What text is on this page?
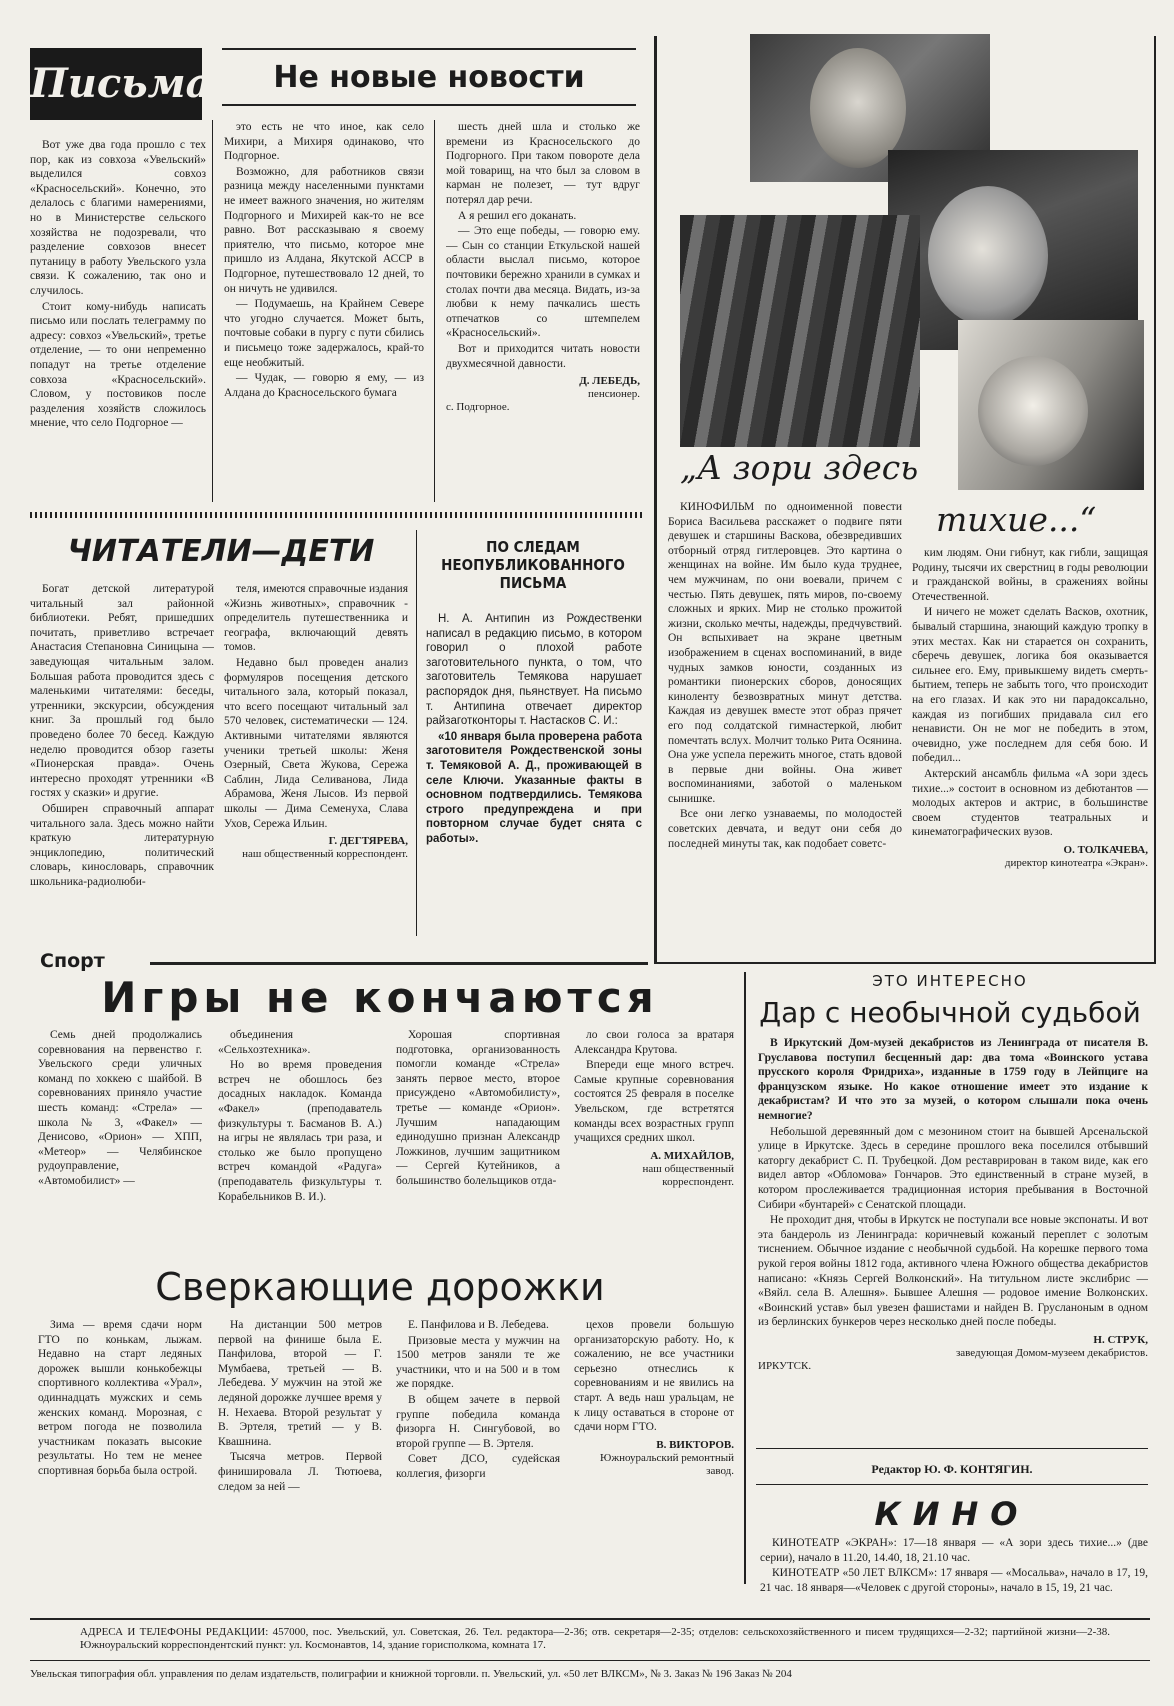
Письма	Не новые новости

Вот уже два года прошло с тех пор, как из совхоза «Увельский» выделился совхоз «Красносельский». Конечно, это делалось с благими намерениями, но в Министерстве сельского хозяйства не подозревали, что разделение совхозов внесет путаницу в работу Увельского узла связи. К сожалению, так оно и случилось.

Стоит кому-нибудь написать письмо или послать телеграмму по адресу: совхоз «Увельский», третье отделение, — то они непременно попадут на третье отделение совхоза «Красносельский». Словом, у постовиков после разделения хозяйств сложилось мнение, что село Подгорное —

это есть не что иное, как село Михири, а Михиря одинаково, что Подгорное.

Возможно, для работников связи разница между населенными пунктами не имеет важного значения, но жителям Подгорного и Михирей как-то не все равно. Вот рассказываю я своему приятелю, что письмо, которое мне пришло из Алдана, Якутской АССР в Подгорное, путешествовало 12 дней, то он ничуть не удивился.

— Подумаешь, на Крайнем Севере что угодно случается. Может быть, почтовые собаки в пургу с пути сбились и письмецо тоже задержалось, край-то еще необжитый.

— Чудак, — говорю я ему, — из Алдана до Красносельского бумага

шесть дней шла и столько же времени из Красносельского до Подгорного. При таком повороте дела мой товарищ, на что был за словом в карман не полезет, — тут вдруг потерял дар речи.

А я решил его доканать.

— Это еще победы, — говорю ему. — Сын со станции Еткульской нашей области выслал письмо, которое почтовики бережно хранили в сумках и столах почти два месяца. Видать, из-за любви к нему пачкались шесть отпечатков со штемпелем «Красносельский».

Вот и приходится читать новости двухмесячной давности.

Д. ЛЕБЕДЬ,
пенсионер.
с. Подгорное.
ЧИТАТЕЛИ—ДЕТИ

Богат детской литературой читальный зал районной библиотеки. Ребят, пришедших почитать, приветливо встречает Анастасия Степановна Синицына — заведующая читальным залом. Большая работа проводится здесь с маленькими читателями: беседы, утренники, экскурсии, обсуждения книг. За прошлый год было проведено более 70 бесед. Каждую неделю проводится обзор газеты «Пионерская правда». Очень интересно проходят утренники «В гостях у сказки» и другие.

Обширен справочный аппарат читального зала. Здесь можно найти краткую литературную энциклопедию, политический словарь, кинословарь, справочник школьника-радиолюби-

теля, имеются справочные издания «Жизнь животных», справочник - определитель путешественника и географа, включающий девять томов.

Недавно был проведен анализ формуляров посещения детского читального зала, который показал, что всего посещают читальный зал 570 человек, систематически — 124. Активными читателями являются ученики третьей школы: Женя Озерный, Света Жукова, Сережа Саблин, Лида Селиванова, Лида Абрамова, Женя Лысов. Из первой школы — Дима Семенуха, Слава Ухов, Сережа Ильин.

Г. ДЕГТЯРЕВА,
наш общественный корреспондент.
ПО СЛЕДАМ НЕОПУБЛИКОВАННОГО ПИСЬМА

Н. А. Антипин из Рождественки написал в редакцию письмо, в котором говорил о плохой работе заготовительного пункта, о том, что заготовитель Темякова нарушает распорядок дня, пьянствует. На письмо т. Антипина отвечает директор райзаготконторы т. Настасков С. И.:

«10 января была проверена работа заготовителя Рождественской зоны т. Темяковой А. Д., проживающей в селе Ключи. Указанные факты в основном подтвердились. Темякова строго предупреждена и при повторном случае будет снята с работы».

„А зори здесь
тихие...“

КИНОФИЛЬМ по одноименной повести Бориса Васильева расскажет о подвиге пяти девушек и старшины Васкова, обезвредивших отборный отряд гитлеровцев. Это картина о женщинах на войне. Им было куда труднее, чем мужчинам, по они воевали, причем с честью. Пять девушек, пять миров, по-своему сложных и ярких. Мир не столько прожитой жизни, сколько мечты, надежды, предчувствий. Он вспыхивает на экране цветным изображением в сценах воспоминаний, в виде чудных замков юности, созданных из романтики пионерских сборов, доносящих киноленту безвозвратных минут детства. Каждая из девушек вместе этот образ прячет его под солдатской гимнастеркой, любит помечтать вслух. Молчит только Рита Осянина. Она уже успела пережить многое, стать вдовой в первые дни войны. Она живет воспоминаниями, заботой о маленьком сынишке.

Все они легко узнаваемы, по молодостей советских девчата, и ведут они себя до последней минуты так, как подобает советс-

ким людям. Они гибнут, как гибли, защищая Родину, тысячи их сверстниц в годы революции и гражданской войны, в сражениях войны Отечественной.

И ничего не может сделать Васков, охотник, бывалый старшина, знающий каждую тропку в этих местах. Как ни старается он сохранить, сберечь девушек, логика боя оказывается сильнее его. Ему, привыкшему видеть смерть-бытием, теперь не забыть того, что происходит на его глазах. И как это ни парадоксально, каждая из погибших придавала сил его ненависти. Он не мог не победить в этом, очевидно, уже последнем для себя бою. И победил...

Актерский ансамбль фильма «А зори здесь тихие...» состоит в основном из дебютантов — молодых актеров и актрис, в большинстве своем студентов театральных и кинематографических вузов.

О. ТОЛКАЧЕВА,
директор кинотеатра «Экран».
Спорт
Игры не кончаются

Семь дней продолжались соревнования на первенство г. Увельского среди уличных команд по хоккею с шайбой. В соревнованиях приняло участие шесть команд: «Стрела» — школа № 3, «Факел» — Денисово, «Орион» — ХПП, «Метеор» — Челябинское рудоуправление, «Автомобилист» —

объединения «Сельхозтехника».

Но во время проведения встреч не обошлось без досадных накладок. Команда «Факел» (преподаватель физкультуры т. Басманов В. А.) на игры не являлась три раза, и столько же было пропущено встреч командой «Радуга» (преподаватель физкультуры т. Корабельников В. И.).

Хорошая спортивная подготовка, организованность помогли команде «Стрела» занять первое место, второе присуждено «Автомобилисту», третье — команде «Орион». Лучшим нападающим единодушно признан Александр Ложкинов, лучшим защитником — Сергей Кутейников, а большинство болельщиков отда-

ло свои голоса за вратаря Александра Крутова.

Впереди еще много встреч. Самые крупные соревнования состоятся 25 февраля в поселке Увельском, где встретятся команды всех возрастных групп учащихся средних школ.

А. МИХАЙЛОВ,
наш общественный корреспондент.
Сверкающие дорожки

Зима — время сдачи норм ГТО по конькам, лыжам. Недавно на старт ледяных дорожек вышли конькобежцы спортивного коллектива «Урал», одиннадцать мужских и семь женских команд. Морозная, с ветром погода не позволила участникам показать высокие результаты. Но тем не менее спортивная борьба была острой.

На дистанции 500 метров первой на финише была Е. Панфилова, второй — Г. Мумбаева, третьей — В. Лебедева. У мужчин на этой же ледяной дорожке лучшее время у Н. Нехаева. Второй результат у В. Эртеля, третий — у В. Квашнина.

Тысяча метров. Первой финишировала Л. Тютюева, следом за ней —

Е. Панфилова и В. Лебедева.

Призовые места у мужчин на 1500 метров заняли те же участники, что и на 500 и в том же порядке.

В общем зачете в первой группе победила команда физорга Н. Сингубовой, во второй группе — В. Эртеля.

Совет ДСО, судейская коллегия, физорги

цехов провели большую организаторскую работу. Но, к сожалению, не все участники серьезно отнеслись к соревнованиям и не явились на старт. А ведь наш уральцам, не к лицу оставаться в стороне от сдачи норм ГТО.

В. ВИКТОРОВ.
Южноуральский ремонтный завод.
ЭТО ИНТЕРЕСНО
Дар с необычной судьбой

В Иркутский Дом-музей декабристов из Ленинграда от писателя В. Груславова поступил бесценный дар: два тома «Воинского устава прусского короля Фридриха», изданные в 1759 году в Лейпциге на французском языке. Но какое отношение имеет это издание к декабристам? И что это за музей, о котором слышали пока очень немногие?

Небольшой деревянный дом с мезонином стоит на бывшей Арсенальской улице в Иркутске. Здесь в середине прошлого века поселился отбывший каторгу декабрист С. П. Трубецкой. Дом реставрирован в таком виде, как его видел автор «Обломова» Гончаров. Это единственный в стране музей, в котором прослеживается традиционная история пребывания в Восточной Сибири «бунтарей» с Сенатской площади.

Не проходит дня, чтобы в Иркутск не поступали все новые экспонаты. И вот эта бандероль из Ленинграда: коричневый кожаный переплет с золотым тиснением. Обычное издание с необычной судьбой. На корешке первого тома рукой героя войны 1812 года, активного члена Южного общества декабристов написано: «Князь Сергей Волконский». На титульном листе экслибрис — «Вяйл. села В. Алешня». Бывшее Алешня — родовое имение Волконских. «Воинский устав» был увезен фашистами и найден В. Грусланоным в одном из берлинских бункеров через несколько дней после победы.

Н. СТРУК,
заведующая Домом-музеем декабристов.
ИРКУТСК.
Редактор Ю. Ф. КОНТЯГИН.
КИНО

КИНОТЕАТР «ЭКРАН»: 17—18 января — «А зори здесь тихие...» (две серии), начало в 11.20, 14.40, 18, 21.10 час.

КИНОТЕАТР «50 ЛЕТ ВЛКСМ»: 17 января — «Мосальва», начало в 17, 19, 21 час. 18 января—«Человек с другой стороны», начало в 15, 19, 21 час.

АДРЕСА И ТЕЛЕФОНЫ РЕДАКЦИИ: 457000, пос. Увельский, ул. Советская, 26. Тел. редактора—2-36; отв. секретаря—2-35; отделов: сельскохозяйственного и писем трудящихся—2-32; партийной жизни—2-38. Южноуральский корреспондентский пункт: ул. Космонавтов, 14, здание горисполкома, комната 17.
Увельская типография обл. управления по делам издательств, полиграфии и книжной торговли. п. Увельский, ул. «50 лет ВЛКСМ», № 3. Заказ № 196 Заказ № 204
